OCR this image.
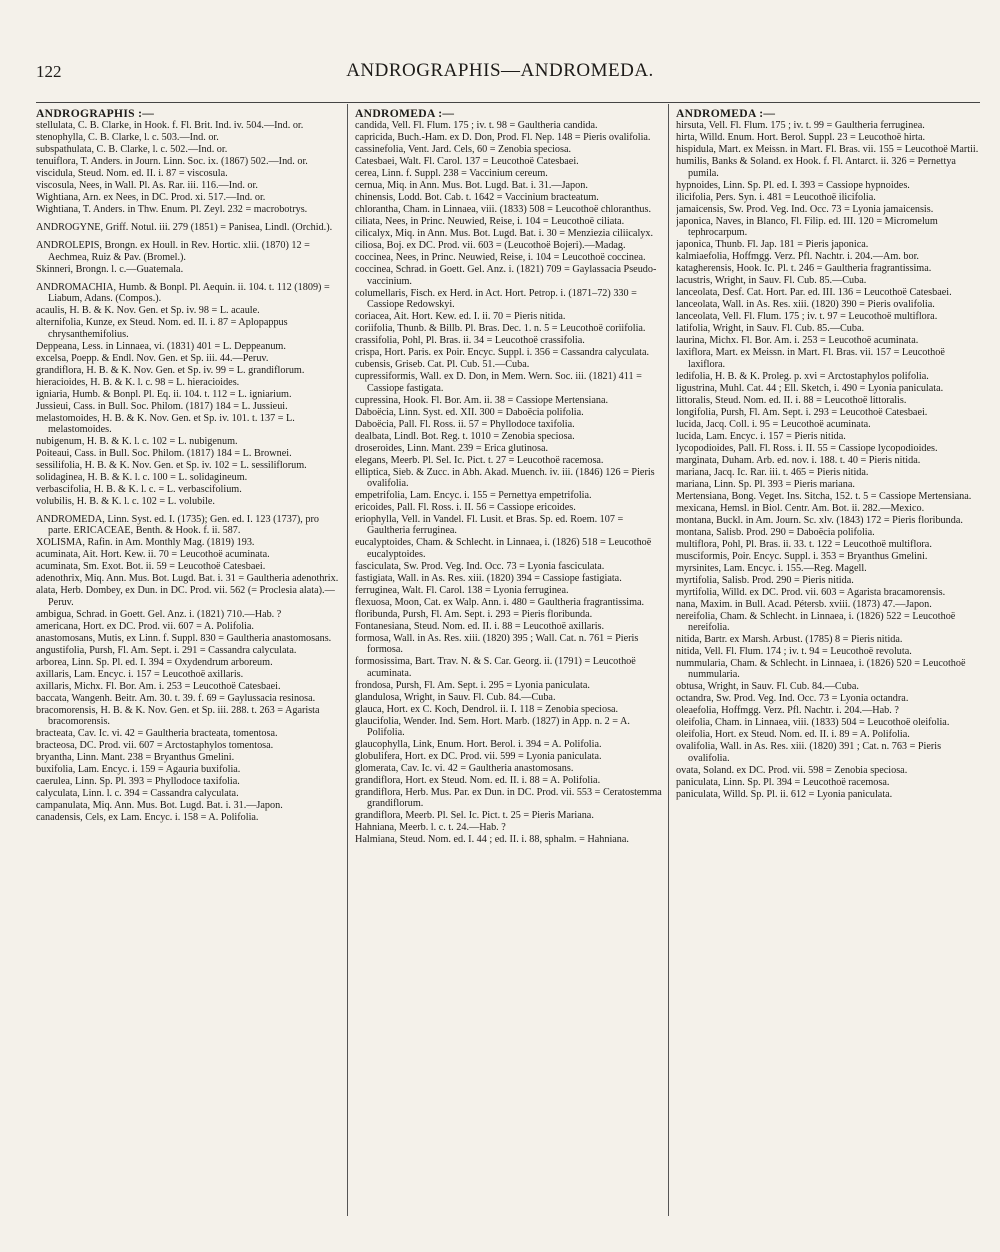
122	ANDROGRAPHIS—ANDROMEDA.
ANDROGRAPHIS :—
stellulata, C. B. Clarke, in Hook. f. Fl. Brit. Ind. iv. 504.—Ind. or.
stenophylla, C. B. Clarke, l. c. 503.—Ind. or.
subspathulata, C. B. Clarke, l. c. 502.—Ind. or.
tenuiflora, T. Anders. in Journ. Linn. Soc. ix. (1867) 502.—Ind. or.
viscidula, Steud. Nom. ed. II. i. 87 = viscosula.
viscosula, Nees, in Wall. Pl. As. Rar. iii. 116.—Ind. or.
Wightiana, Arn. ex Nees, in DC. Prod. xi. 517.—Ind. or.
Wightiana, T. Anders. in Thw. Enum. Pl. Zeyl. 232 = macrobotrys.
ANDROGYNE, Griff. Notul. iii. 279 (1851) = Panisea, Lindl. (Orchid.).
ANDROLEPIS, Brongn. ex Houll. in Rev. Hortic. xlii. (1870) 12 = Aechmea, Ruiz & Pav. (Bromel.).
Skinneri, Brongn. l. c.—Guatemala.
ANDROMACHIA, Humb. & Bonpl. Pl. Aequin. ii. 104. t. 112 (1809) = Liabum, Adans. (Compos.).
acaulis, H. B. & K. Nov. Gen. et Sp. iv. 98 = L. acaule.
alternifolia, Kunze, ex Steud. Nom. ed. II. i. 87 = Aplopappus chrysanthemifolius.
Deppeana, Less. in Linnaea, vi. (1831) 401 = L. Deppeanum.
excelsa, Poepp. & Endl. Nov. Gen. et Sp. iii. 44.—Peruv.
grandiflora, H. B. & K. Nov. Gen. et Sp. iv. 99 = L. grandiflorum.
hieracioides, H. B. & K. l. c. 98 = L. hieracioides.
igniaria, Humb. & Bonpl. Pl. Eq. ii. 104. t. 112 = L. igniarium.
Jussieui, Cass. in Bull. Soc. Philom. (1817) 184 = L. Jussieui.
melastomoides, H. B. & K. Nov. Gen. et Sp. iv. 101. t. 137 = L. melastomoides.
nubigenum, H. B. & K. l. c. 102 = L. nubigenum.
Poiteaui, Cass. in Bull. Soc. Philom. (1817) 184 = L. Brownei.
sessilifolia, H. B. & K. Nov. Gen. et Sp. iv. 102 = L. sessiliflorum.
solidaginea, H. B. & K. l. c. 100 = L. solidagineum.
verbascifolia, H. B. & K. l. c. = L. verbascifolium.
volubilis, H. B. & K. l. c. 102 = L. volubile.
ANDROMEDA, Linn. Syst. ed. I. (1735); Gen. ed. I. 123 (1737), pro parte. ERICACEAE, Benth. & Hook. f. ii. 587.
XOLISMA, Rafin. in Am. Monthly Mag. (1819) 193.
acuminata, Ait. Hort. Kew. ii. 70 = Leucothoë acuminata.
acuminata, Sm. Exot. Bot. ii. 59 = Leucothoë Catesbaei.
adenothrix, Miq. Ann. Mus. Bot. Lugd. Bat. i. 31 = Gaultheria adenothrix.
alata, Herb. Dombey, ex Dun. in DC. Prod. vii. 562 (= Proclesia alata).—Peruv.
ambigua, Schrad. in Goett. Gel. Anz. i. (1821) 710.—Hab. ?
americana, Hort. ex DC. Prod. vii. 607 = A. Polifolia.
anastomosans, Mutis, ex Linn. f. Suppl. 830 = Gaultheria anastomosans.
angustifolia, Pursh, Fl. Am. Sept. i. 291 = Cassandra calyculata.
arborea, Linn. Sp. Pl. ed. I. 394 = Oxydendrum arboreum.
axillaris, Lam. Encyc. i. 157 = Leucothoë axillaris.
axillaris, Michx. Fl. Bor. Am. i. 253 = Leucothoë Catesbaei.
baccata, Wangenh. Beitr. Am. 30. t. 39. f. 69 = Gaylussacia resinosa.
bracomorensis, H. B. & K. Nov. Gen. et Sp. iii. 288. t. 263 = Agarista bracomorensis.
bracteata, Cav. Ic. vi. 42 = Gaultheria bracteata, tomentosa.
bracteosa, DC. Prod. vii. 607 = Arctostaphylos tomentosa.
bryantha, Linn. Mant. 238 = Bryanthus Gmelini.
buxifolia, Lam. Encyc. i. 159 = Agauria buxifolia.
caerulea, Linn. Sp. Pl. 393 = Phyllodoce taxifolia.
calyculata, Linn. l. c. 394 = Cassandra calyculata.
campanulata, Miq. Ann. Mus. Bot. Lugd. Bat. i. 31.—Japon.
canadensis, Cels, ex Lam. Encyc. i. 158 = A. Polifolia.
ANDROMEDA :—
candida, Vell. Fl. Flum. 175 ; iv. t. 98 = Gaultheria candida.
capricida, Buch.-Ham. ex D. Don, Prod. Fl. Nep. 148 = Pieris ovalifolia.
cassinefolia, Vent. Jard. Cels, 60 = Zenobia speciosa.
Catesbaei, Walt. Fl. Carol. 137 = Leucothoë Catesbaei.
cerea, Linn. f. Suppl. 238 = Vaccinium cereum.
cernua, Miq. in Ann. Mus. Bot. Lugd. Bat. i. 31.—Japon.
chinensis, Lodd. Bot. Cab. t. 1642 = Vaccinium bracteatum.
chlorantha, Cham. in Linnaea, viii. (1833) 508 = Leucothoë chloranthus.
ciliata, Nees, in Princ. Neuwied, Reise, i. 104 = Leucothoë ciliata.
cilicalyx, Miq. in Ann. Mus. Bot. Lugd. Bat. i. 30 = Menziezia ciliicalyx.
ciliosa, Boj. ex DC. Prod. vii. 603 = (Leucothoë Bojeri).—Madag.
coccinea, Nees, in Princ. Neuwied, Reise, i. 104 = Leucothoë coccinea.
coccinea, Schrad. in Goett. Gel. Anz. i. (1821) 709 = Gaylassacia Pseudo-vaccinium.
columellaris, Fisch. ex Herd. in Act. Hort. Petrop. i. (1871–72) 330 = Cassiope Redowskyi.
coriacea, Ait. Hort. Kew. ed. I. ii. 70 = Pieris nitida.
coriifolia, Thunb. & Billb. Pl. Bras. Dec. 1. n. 5 = Leucothoë coriifolia.
crassifolia, Pohl, Pl. Bras. ii. 34 = Leucothoë crassifolia.
crispa, Hort. Paris. ex Poir. Encyc. Suppl. i. 356 = Cassandra calyculata.
cubensis, Griseb. Cat. Pl. Cub. 51.—Cuba.
cupressiformis, Wall. ex D. Don, in Mem. Wern. Soc. iii. (1821) 411 = Cassiope fastigata.
cupressina, Hook. Fl. Bor. Am. ii. 38 = Cassiope Mertensiana.
Daboëcia, Linn. Syst. ed. XII. 300 = Daboëcia polifolia.
Daboëcia, Pall. Fl. Ross. ii. 57 = Phyllodoce taxifolia.
dealbata, Lindl. Bot. Reg. t. 1010 = Zenobia speciosa.
droseroides, Linn. Mant. 239 = Erica glutinosa.
elegans, Meerb. Pl. Sel. Ic. Pict. t. 27 = Leucothoë racemosa.
elliptica, Sieb. & Zucc. in Abh. Akad. Muench. iv. iii. (1846) 126 = Pieris ovalifolia.
empetrifolia, Lam. Encyc. i. 155 = Pernettya empetrifolia.
ericoides, Pall. Fl. Ross. i. II. 56 = Cassiope ericoides.
eriophylla, Vell. in Vandel. Fl. Lusit. et Bras. Sp. ed. Roem. 107 = Gaultheria ferruginea.
eucalyptoides, Cham. & Schlecht. in Linnaea, i. (1826) 518 = Leucothoë eucalyptoides.
fasciculata, Sw. Prod. Veg. Ind. Occ. 73 = Lyonia fasciculata.
fastigiata, Wall. in As. Res. xiii. (1820) 394 = Cassiope fastigiata.
ferruginea, Walt. Fl. Carol. 138 = Lyonia ferruginea.
flexuosa, Moon, Cat. ex Walp. Ann. i. 480 = Gaultheria fragrantissima.
floribunda, Pursh, Fl. Am. Sept. i. 293 = Pieris floribunda.
Fontanesiana, Steud. Nom. ed. II. i. 88 = Leucothoë axillaris.
formosa, Wall. in As. Res. xiii. (1820) 395 ; Wall. Cat. n. 761 = Pieris formosa.
formosissima, Bart. Trav. N. & S. Car. Georg. ii. (1791) = Leucothoë acuminata.
frondosa, Pursh, Fl. Am. Sept. i. 295 = Lyonia paniculata.
glandulosa, Wright, in Sauv. Fl. Cub. 84.—Cuba.
glauca, Hort. ex C. Koch, Dendrol. ii. I. 118 = Zenobia speciosa.
glaucifolia, Wender. Ind. Sem. Hort. Marb. (1827) in App. n. 2 = A. Polifolia.
glaucophylla, Link, Enum. Hort. Berol. i. 394 = A. Polifolia.
globulifera, Hort. ex DC. Prod. vii. 599 = Lyonia paniculata.
glomerata, Cav. Ic. vi. 42 = Gaultheria anastomosans.
grandiflora, Hort. ex Steud. Nom. ed. II. i. 88 = A. Polifolia.
grandiflora, Herb. Mus. Par. ex Dun. in DC. Prod. vii. 553 = Ceratostemma grandiflorum.
grandiflora, Meerb. Pl. Sel. Ic. Pict. t. 25 = Pieris Mariana.
Hahniana, Meerb. l. c. t. 24.—Hab. ?
Halmiana, Steud. Nom. ed. I. 44 ; ed. II. i. 88, sphalm. = Hahniana.
ANDROMEDA :—
hirsuta, Vell. Fl. Flum. 175 ; iv. t. 99 = Gaultheria ferruginea.
hirta, Willd. Enum. Hort. Berol. Suppl. 23 = Leucothoë hirta.
hispidula, Mart. ex Meissn. in Mart. Fl. Bras. vii. 155 = Leucothoë Martii.
humilis, Banks & Soland. ex Hook. f. Fl. Antarct. ii. 326 = Pernettya pumila.
hypnoides, Linn. Sp. Pl. ed. I. 393 = Cassiope hypnoides.
ilicifolia, Pers. Syn. i. 481 = Leucothoë ilicifolia.
jamaicensis, Sw. Prod. Veg. Ind. Occ. 73 = Lyonia jamaicensis.
japonica, Naves, in Blanco, Fl. Filip. ed. III. 120 = Micromelum tephrocarpum.
japonica, Thunb. Fl. Jap. 181 = Pieris japonica.
kalmiaefolia, Hoffmgg. Verz. Pfl. Nachtr. i. 204.—Am. bor.
katagherensis, Hook. Ic. Pl. t. 246 = Gaultheria fragrantissima.
lacustris, Wright, in Sauv. Fl. Cub. 85.—Cuba.
lanceolata, Desf. Cat. Hort. Par. ed. III. 136 = Leucothoë Catesbaei.
lanceolata, Wall. in As. Res. xiii. (1820) 390 = Pieris ovalifolia.
lanceolata, Vell. Fl. Flum. 175 ; iv. t. 97 = Leucothoë multiflora.
latifolia, Wright, in Sauv. Fl. Cub. 85.—Cuba.
laurina, Michx. Fl. Bor. Am. i. 253 = Leucothoë acuminata.
laxiflora, Mart. ex Meissn. in Mart. Fl. Bras. vii. 157 = Leucothoë laxiflora.
ledifolia, H. B. & K. Proleg. p. xvi = Arctostaphylos polifolia.
ligustrina, Muhl. Cat. 44 ; Ell. Sketch, i. 490 = Lyonia paniculata.
littoralis, Steud. Nom. ed. II. i. 88 = Leucothoë littoralis.
longifolia, Pursh, Fl. Am. Sept. i. 293 = Leucothoë Catesbaei.
lucida, Jacq. Coll. i. 95 = Leucothoë acuminata.
lucida, Lam. Encyc. i. 157 = Pieris nitida.
lycopodioides, Pall. Fl. Ross. i. II. 55 = Cassiope lycopodioides.
marginata, Duham. Arb. ed. nov. i. 188. t. 40 = Pieris nitida.
mariana, Jacq. Ic. Rar. iii. t. 465 = Pieris nitida.
mariana, Linn. Sp. Pl. 393 = Pieris mariana.
Mertensiana, Bong. Veget. Ins. Sitcha, 152. t. 5 = Cassiope Mertensiana.
mexicana, Hemsl. in Biol. Centr. Am. Bot. ii. 282.—Mexico.
montana, Buckl. in Am. Journ. Sc. xlv. (1843) 172 = Pieris floribunda.
montana, Salisb. Prod. 290 = Daboëcia polifolia.
multiflora, Pohl, Pl. Bras. ii. 33. t. 122 = Leucothoë multiflora.
musciformis, Poir. Encyc. Suppl. i. 353 = Bryanthus Gmelini.
myrsinites, Lam. Encyc. i. 155.—Reg. Magell.
myrtifolia, Salisb. Prod. 290 = Pieris nitida.
myrtifolia, Willd. ex DC. Prod. vii. 603 = Agarista bracamorensis.
nana, Maxim. in Bull. Acad. Pétersb. xviii. (1873) 47.—Japon.
nereifolia, Cham. & Schlecht. in Linnaea, i. (1826) 522 = Leucothoë nereifolia.
nitida, Bartr. ex Marsh. Arbust. (1785) 8 = Pieris nitida.
nitida, Vell. Fl. Flum. 174 ; iv. t. 94 = Leucothoë revoluta.
nummularia, Cham. & Schlecht. in Linnaea, i. (1826) 520 = Leucothoë nummularia.
obtusa, Wright, in Sauv. Fl. Cub. 84.—Cuba.
octandra, Sw. Prod. Veg. Ind. Occ. 73 = Lyonia octandra.
oleaefolia, Hoffmgg. Verz. Pfl. Nachtr. i. 204.—Hab. ?
oleifolia, Cham. in Linnaea, viii. (1833) 504 = Leucothoë oleifolia.
oleifolia, Hort. ex Steud. Nom. ed. II. i. 89 = A. Polifolia.
ovalifolia, Wall. in As. Res. xiii. (1820) 391 ; Cat. n. 763 = Pieris ovalifolia.
ovata, Soland. ex DC. Prod. vii. 598 = Zenobia speciosa.
paniculata, Linn. Sp. Pl. 394 = Leucothoë racemosa.
paniculata, Willd. Sp. Pl. ii. 612 = Lyonia paniculata.
